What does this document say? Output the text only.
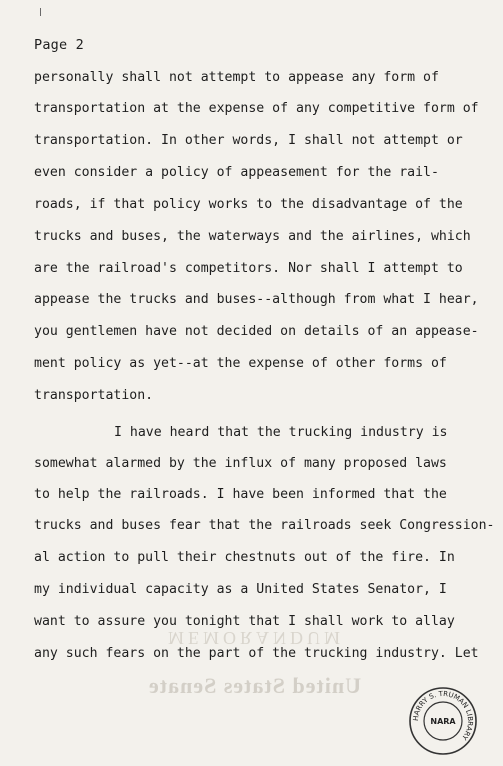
Page 2
personally shall not attempt to appease any form of
transportation at the expense of any competitive form of
transportation. In other words, I shall not attempt or
even consider a policy of appeasement for the rail-
roads, if that policy works to the disadvantage of the
trucks and buses, the waterways and the airlines, which
are the railroad's competitors. Nor shall I attempt to
appease the trucks and buses--although from what I hear,
you gentlemen have not decided on details of an appease-
ment policy as yet--at the expense of other forms of
transportation.
I have heard that the trucking industry is
somewhat alarmed by the influx of many proposed laws
to help the railroads. I have been informed that the
trucks and buses fear that the railroads seek Congression-
al action to pull their chestnuts out of the fire. In
my individual capacity as a United States Senator, I
want to assure you tonight that I shall work to allay
any such fears on the part of the trucking industry. Let
MEMORANDUM
United States Senate
HARRY S. TRUMAN LIBRARY
NARA
